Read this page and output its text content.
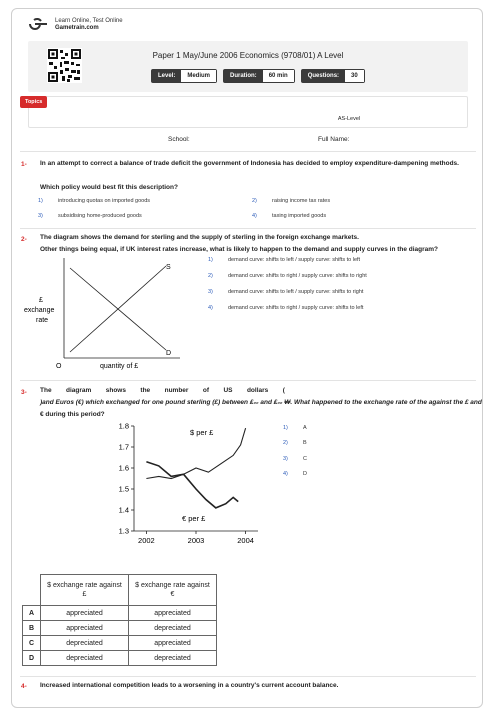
Learn Online, Test Online
Gametrain.com
Paper 1 May/June 2006 Economics (9708/01) A Level
Level:	Medium	Duration:	60 min	Questions:	30
AS-Level
Topics
School:	Full Name:
1- In an attempt to correct a balance of trade deficit the government of Indonesia has decided to employ expenditure-dampening methods.
Which policy would best fit this description?
1)	introducing quotas on imported goods	2)	raising income tax rates
3)	subsidising home-produced goods	4)	taxing imported goods
2- The diagram shows the demand for sterling and the supply of sterling in the foreign exchange markets.
Other things being equal, if UK interest rates increase, what is likely to happen to the demand and supply curves in the diagram?
S
D
£
exchange
rate
O	quantity of £
1)	demand curve: shifts to left / supply curve: shifts to left
2)	demand curve: shifts to right / supply curve: shifts to right
3)	demand curve: shifts to left / supply curve: shifts to right
4)	demand curve: shifts to right / supply curve: shifts to left
3- The        diagram        shows        the        number        of        US        dollars        (
)and Euros (€) which exchanged for one pound sterling (£) between ₤₀₀ and ₤₀₀ ₩. What happened to the exchange rate of the against the £ and
€ during this period?
1.3
1.4
1.5
1.6
1.7
1.8
2002	2003	2004
$ per £
€ per £
1)	A
2)	B
3)	C
4)	D
	$ exchange rate against £	$ exchange rate against €
A	appreciated	appreciated
B	appreciated	depreciated
C	depreciated	appreciated
D	depreciated	depreciated
4- Increased international competition leads to a worsening in a country's current account balance.
